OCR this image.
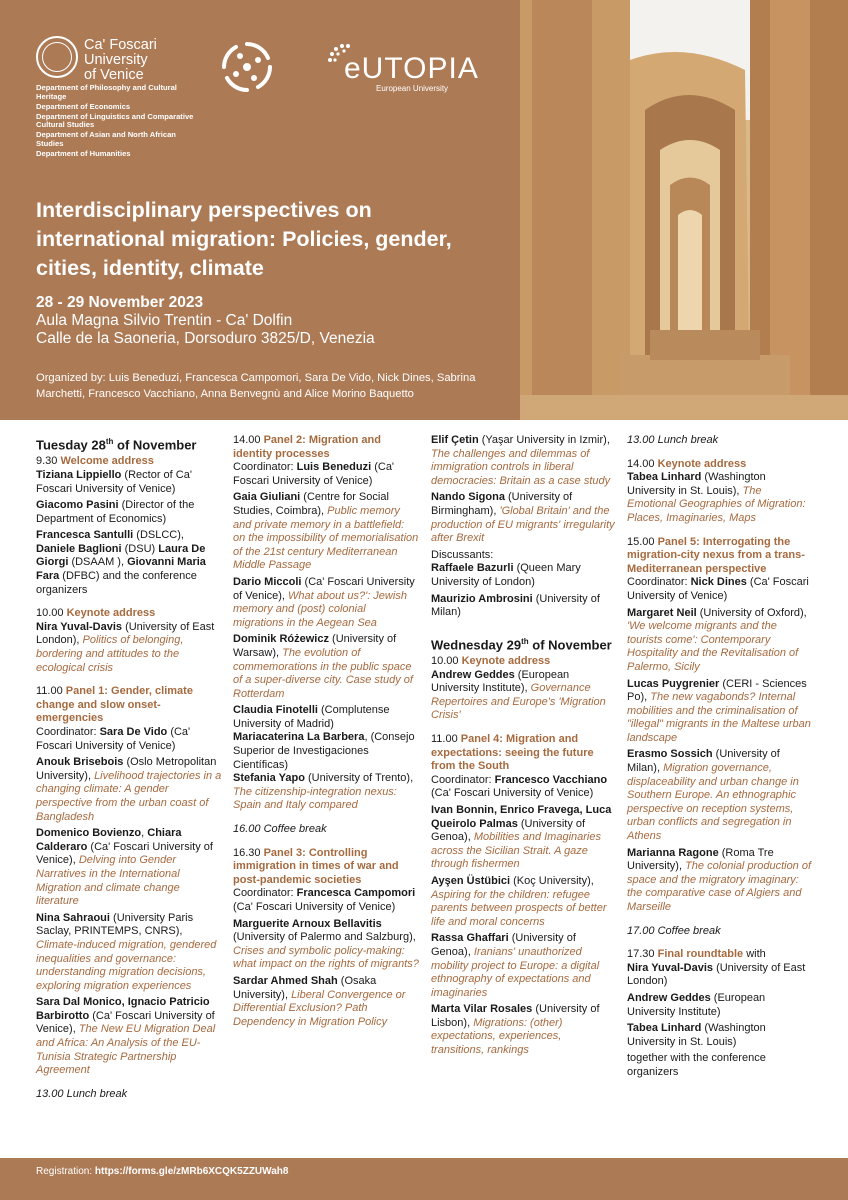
Ca' Foscari
University
of Venice
Department of Philosophy and Cultural Heritage
Department of Economics
Department of Linguistics and Comparative Cultural Studies
Department of Asian and North African Studies
Department of Humanities
eUTOPIA
European University
Interdisciplinary perspectives on international migration: Policies, gender, cities, identity, climate
28 - 29 November 2023
Aula Magna Silvio Trentin - Ca' Dolfin
Calle de la Saoneria, Dorsoduro 3825/D, Venezia
Organized by: Luis Beneduzi, Francesca Campomori, Sara De Vido, Nick Dines, Sabrina Marchetti, Francesco Vacchiano, Anna Benvegnù and Alice Morino Baquetto
Tuesday 28th of November
9.30 Welcome address
Tiziana Lippiello (Rector of Ca' Foscari University of Venice)
Giacomo Pasini (Director of the Department of Economics)
Francesca Santulli (DSLCC), Daniele Baglioni (DSU) Laura De Giorgi (DSAAM ), Giovanni Maria Fara (DFBC) and the conference organizers
10.00 Keynote address
Nira Yuval-Davis (University of East London), Politics of belonging, bordering and attitudes to the ecological crisis
11.00 Panel 1: Gender, climate change and slow onset-emergencies
Coordinator: Sara De Vido (Ca' Foscari University of Venice)
Anouk Brisebois (Oslo Metropolitan University), Livelihood trajectories in a changing climate: A gender perspective from the urban coast of Bangladesh
Domenico Bovienzo, Chiara Calderaro (Ca' Foscari University of Venice), Delving into Gender Narratives in the International Migration and climate change literature
Nina Sahraoui (University Paris Saclay, PRINTEMPS, CNRS), Climate-induced migration, gendered inequalities and governance: understanding migration decisions, exploring migration experiences
Sara Dal Monico, Ignacio Patricio Barbirotto (Ca' Foscari University of Venice), The New EU Migration Deal and Africa: An Analysis of the EU-Tunisia Strategic Partnership Agreement
13.00 Lunch break
14.00 Panel 2: Migration and identity processes
Coordinator: Luis Beneduzi (Ca' Foscari University of Venice)
Gaia Giuliani (Centre for Social Studies, Coimbra), Public memory and private memory in a battlefield: on the impossibility of memorialisation of the 21st century Mediterranean Middle Passage
Dario Miccoli (Ca' Foscari University of Venice), What about us?': Jewish memory and (post) colonial migrations in the Aegean Sea
Dominik Różewicz (University of Warsaw), The evolution of commemorations in the public space of a super-diverse city. Case study of Rotterdam
Claudia Finotelli (Complutense University of Madrid)
Mariacaterina La Barbera, (Consejo Superior de Investigaciones Científicas)
Stefania Yapo (University of Trento), The citizenship-integration nexus: Spain and Italy compared
16.00 Coffee break
16.30 Panel 3: Controlling immigration in times of war and post-pandemic societies
Coordinator: Francesca Campomori (Ca' Foscari University of Venice)
Marguerite Arnoux Bellavitis (University of Palermo and Salzburg), Crises and symbolic policy-making: what impact on the rights of migrants?
Sardar Ahmed Shah (Osaka University), Liberal Convergence or Differential Exclusion? Path Dependency in Migration Policy
Elif Çetin (Yaşar University in Izmir), The challenges and dilemmas of immigration controls in liberal democracies: Britain as a case study
Nando Sigona (University of Birmingham), 'Global Britain' and the production of EU migrants' irregularity after Brexit
Discussants:
Raffaele Bazurli (Queen Mary University of London)
Maurizio Ambrosini (University of Milan)
Wednesday 29th of November
10.00 Keynote address
Andrew Geddes (European University Institute), Governance Repertoires and Europe's 'Migration Crisis'
11.00 Panel 4: Migration and expectations: seeing the future from the South
Coordinator: Francesco Vacchiano (Ca' Foscari University of Venice)
Ivan Bonnin, Enrico Fravega, Luca Queirolo Palmas (University of Genoa), Mobilities and Imaginaries across the Sicilian Strait. A gaze through fishermen
Ayşen Üstübici (Koç University), Aspiring for the children: refugee parents between prospects of better life and moral concerns
Rassa Ghaffari (University of Genoa), Iranians' unauthorized mobility project to Europe: a digital ethnography of expectations and imaginaries
Marta Vilar Rosales (University of Lisbon), Migrations: (other) expectations, experiences, transitions, rankings
13.00 Lunch break
14.00 Keynote address
Tabea Linhard (Washington University in St. Louis), The Emotional Geographies of Migration: Places, Imaginaries, Maps
15.00 Panel 5: Interrogating the migration-city nexus from a trans-Mediterranean perspective
Coordinator: Nick Dines (Ca' Foscari University of Venice)
Margaret Neil (University of Oxford), 'We welcome migrants and the tourists come': Contemporary Hospitality and the Revitalisation of Palermo, Sicily
Lucas Puygrenier (CERI - Sciences Po), The new vagabonds? Internal mobilities and the criminalisation of "illegal" migrants in the Maltese urban landscape
Erasmo Sossich (University of Milan), Migration governance, displaceability and urban change in Southern Europe. An ethnographic perspective on reception systems, urban conflicts and segregation in Athens
Marianna Ragone (Roma Tre University), The colonial production of space and the migratory imaginary: the comparative case of Algiers and Marseille
17.00 Coffee break
17.30 Final roundtable with
Nira Yuval-Davis (University of East London)
Andrew Geddes (European University Institute)
Tabea Linhard (Washington University in St. Louis)
together with the conference organizers
Registration: https://forms.gle/zMRb6XCQK5ZZUWah8
